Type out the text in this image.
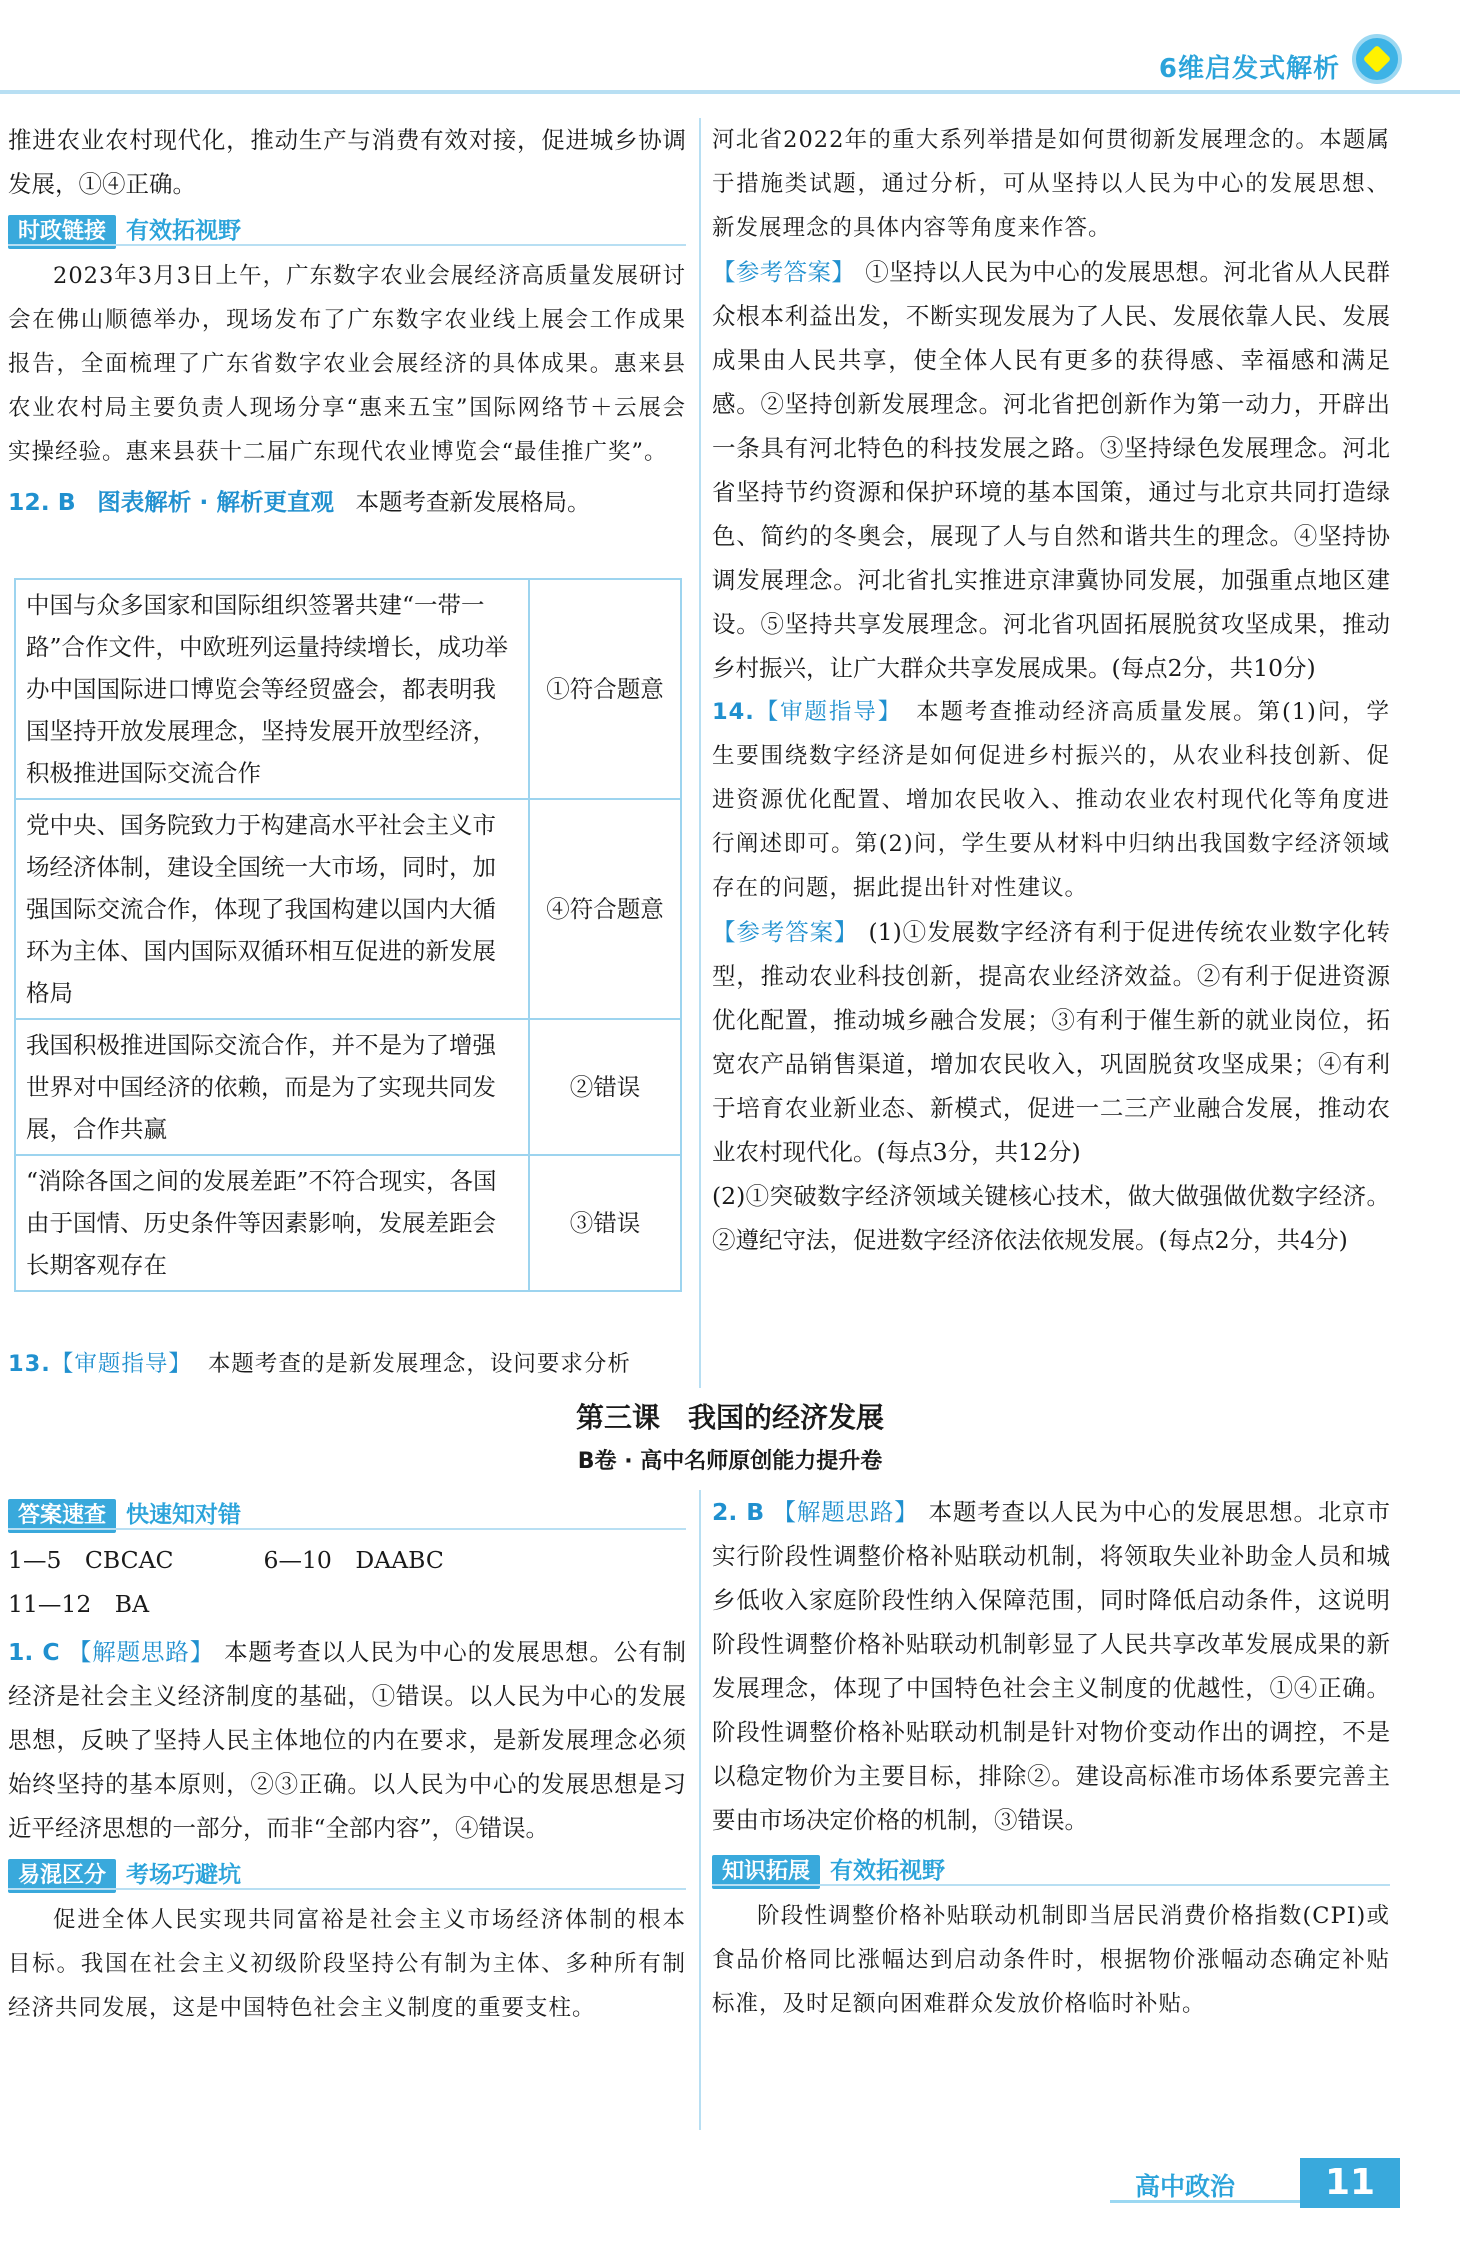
6维启发式解析

推进农业农村现代化，推动生产与消费有效对接，促进城乡协调发展，①④正确。

时政链接 有效拓视野

2023年3月3日上午，广东数字农业会展经济高质量发展研讨会在佛山顺德举办，现场发布了广东数字农业线上展会工作成果报告，全面梳理了广东省数字农业会展经济的具体成果。惠来县农业农村局主要负责人现场分享“惠来五宝”国际网络节＋云展会实操经验。惠来县获十二届广东现代农业博览会“最佳推广奖”。

12. B 图表解析 · 解析更直观 本题考查新发展格局。

中国与众多国家和国际组织签署共建“一带一路”合作文件，中欧班列运量持续增长，成功举办中国国际进口博览会等经贸盛会，都表明我国坚持开放发展理念，坚持发展开放型经济，积极推进国际交流合作	①符合题意
党中央、国务院致力于构建高水平社会主义市场经济体制，建设全国统一大市场，同时，加强国际交流合作，体现了我国构建以国内大循环为主体、国内国际双循环相互促进的新发展格局	④符合题意
我国积极推进国际交流合作，并不是为了增强世界对中国经济的依赖，而是为了实现共同发展，合作共赢	②错误
“消除各国之间的发展差距”不符合现实，各国由于国情、历史条件等因素影响，发展差距会长期客观存在	③错误

13.【审题指导】 本题考查的是新发展理念，设问要求分析

河北省2022年的重大系列举措是如何贯彻新发展理念的。本题属于措施类试题，通过分析，可从坚持以人民为中心的发展思想、新发展理念的具体内容等角度来作答。

【参考答案】 ①坚持以人民为中心的发展思想。河北省从人民群众根本利益出发，不断实现发展为了人民、发展依靠人民、发展成果由人民共享，使全体人民有更多的获得感、幸福感和满足感。②坚持创新发展理念。河北省把创新作为第一动力，开辟出一条具有河北特色的科技发展之路。③坚持绿色发展理念。河北省坚持节约资源和保护环境的基本国策，通过与北京共同打造绿色、简约的冬奥会，展现了人与自然和谐共生的理念。④坚持协调发展理念。河北省扎实推进京津冀协同发展，加强重点地区建设。⑤坚持共享发展理念。河北省巩固拓展脱贫攻坚成果，推动乡村振兴，让广大群众共享发展成果。(每点2分，共10分)

14.【审题指导】 本题考查推动经济高质量发展。第(1)问，学生要围绕数字经济是如何促进乡村振兴的，从农业科技创新、促进资源优化配置、增加农民收入、推动农业农村现代化等角度进行阐述即可。第(2)问，学生要从材料中归纳出我国数字经济领域存在的问题，据此提出针对性建议。

【参考答案】 (1)①发展数字经济有利于促进传统农业数字化转型，推动农业科技创新，提高农业经济效益。②有利于促进资源优化配置，推动城乡融合发展；③有利于催生新的就业岗位，拓宽农产品销售渠道，增加农民收入，巩固脱贫攻坚成果；④有利于培育农业新业态、新模式，促进一二三产业融合发展，推动农业农村现代化。(每点3分，共12分)

(2)①突破数字经济领域关键核心技术，做大做强做优数字经济。②遵纪守法，促进数字经济依法依规发展。(每点2分，共4分)

第三课　我国的经济发展
B卷 · 高中名师原创能力提升卷
答案速查 快速知对错

1—5　CBCAC	6—10　DAABC

11—12　BA

1. C 【解题思路】 本题考查以人民为中心的发展思想。公有制经济是社会主义经济制度的基础，①错误。以人民为中心的发展思想，反映了坚持人民主体地位的内在要求，是新发展理念必须始终坚持的基本原则，②③正确。以人民为中心的发展思想是习近平经济思想的一部分，而非“全部内容”，④错误。

易混区分 考场巧避坑

促进全体人民实现共同富裕是社会主义市场经济体制的根本目标。我国在社会主义初级阶段坚持公有制为主体、多种所有制经济共同发展，这是中国特色社会主义制度的重要支柱。

2. B 【解题思路】 本题考查以人民为中心的发展思想。北京市实行阶段性调整价格补贴联动机制，将领取失业补助金人员和城乡低收入家庭阶段性纳入保障范围，同时降低启动条件，这说明阶段性调整价格补贴联动机制彰显了人民共享改革发展成果的新发展理念，体现了中国特色社会主义制度的优越性，①④正确。阶段性调整价格补贴联动机制是针对物价变动作出的调控，不是以稳定物价为主要目标，排除②。建设高标准市场体系要完善主要由市场决定价格的机制，③错误。

知识拓展 有效拓视野

阶段性调整价格补贴联动机制即当居民消费价格指数(CPI)或食品价格同比涨幅达到启动条件时，根据物价涨幅动态确定补贴标准，及时足额向困难群众发放价格临时补贴。

高中政治	11
